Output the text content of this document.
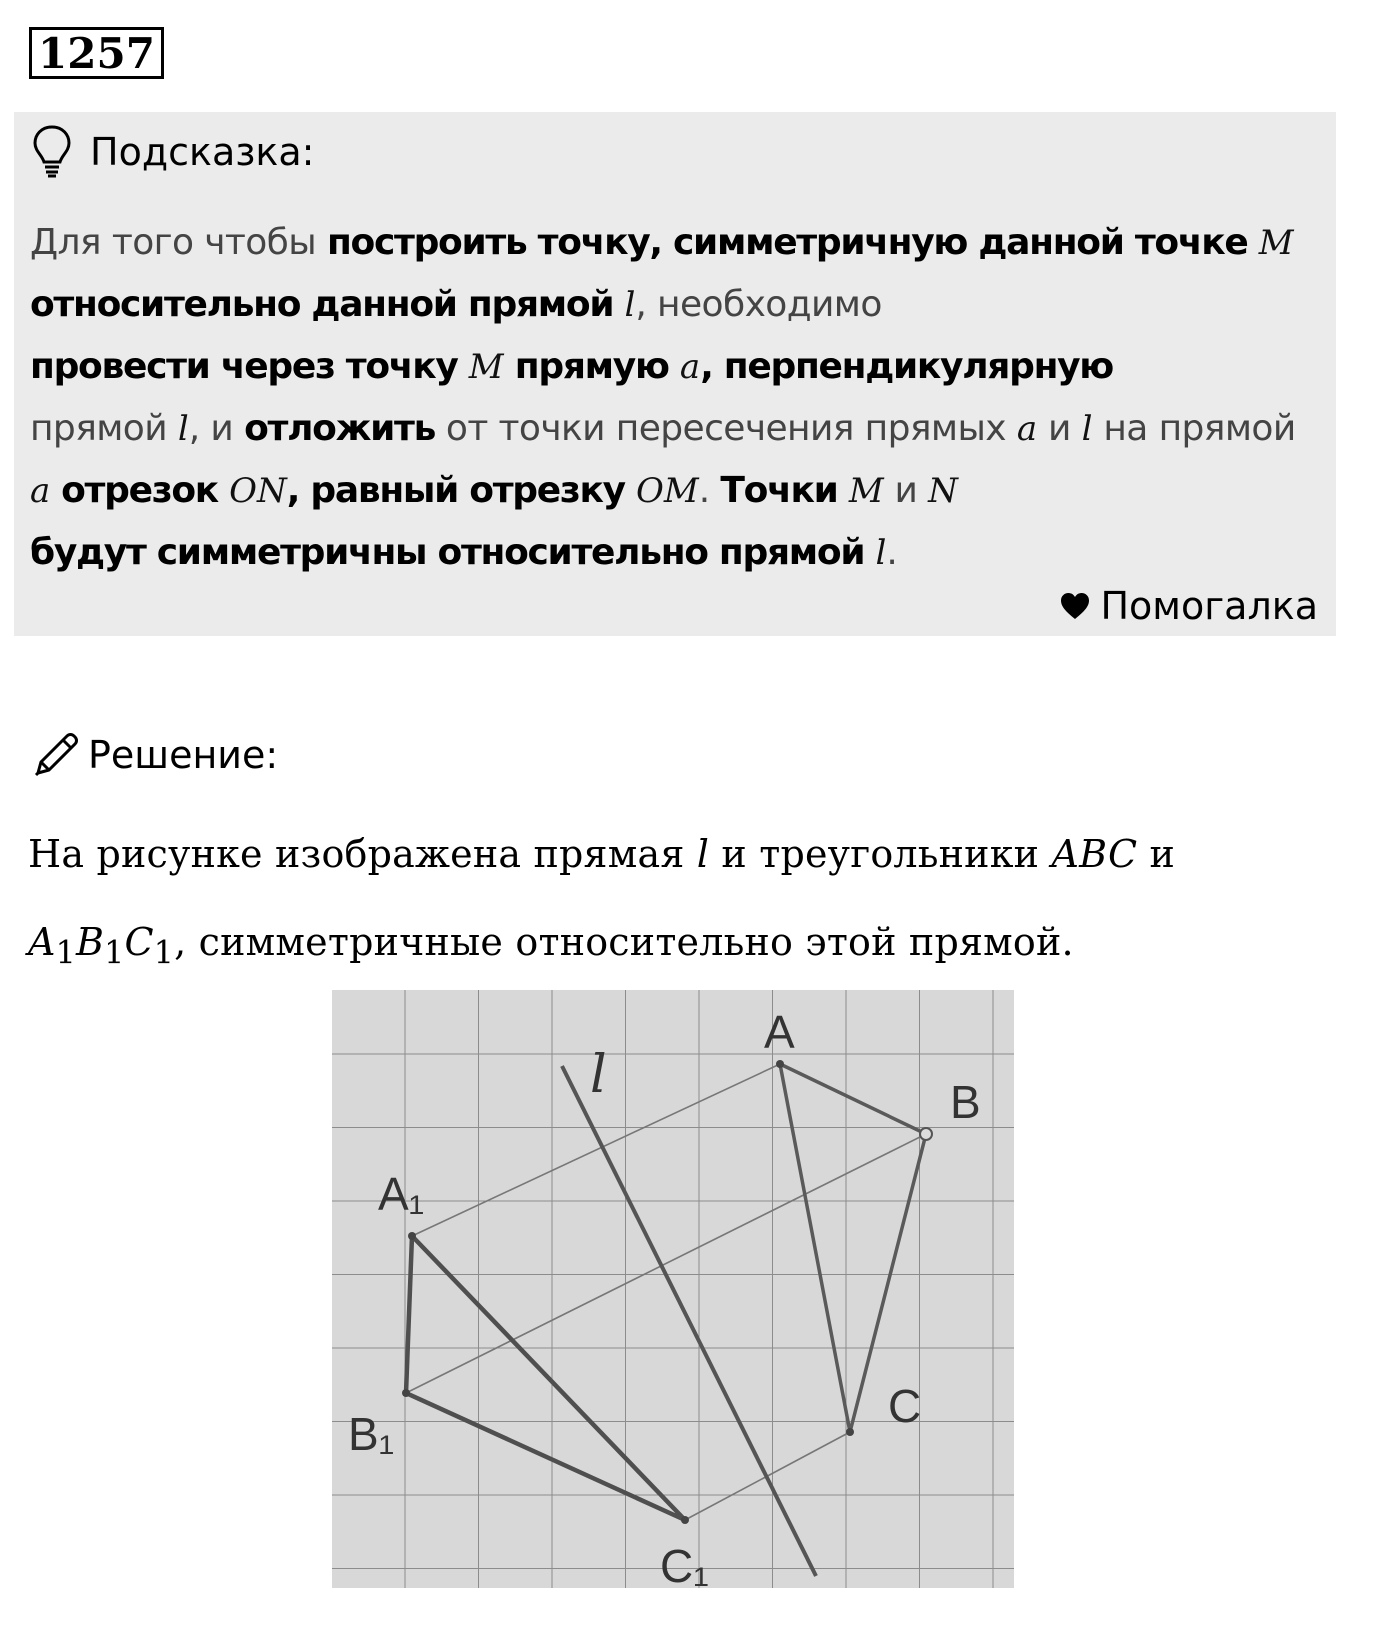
1257
Подсказка:
Для того чтобы построить точку, симметричную данной точке M относительно данной прямой l, необходимо
провести через точку M прямую a, перпендикулярную
прямой l, и отложить от точки пересечения прямых a и l на прямой a отрезок ON, равный отрезку OM. Точки M и N
будут симметричны относительно прямой l.
Помогалка
Решение:
На рисунке изображена прямая l и треугольники ABC и
$A_1B_1C_1$, симметричные относительно этой прямой.
l
A
B
C
A₁
B₁
C₁
